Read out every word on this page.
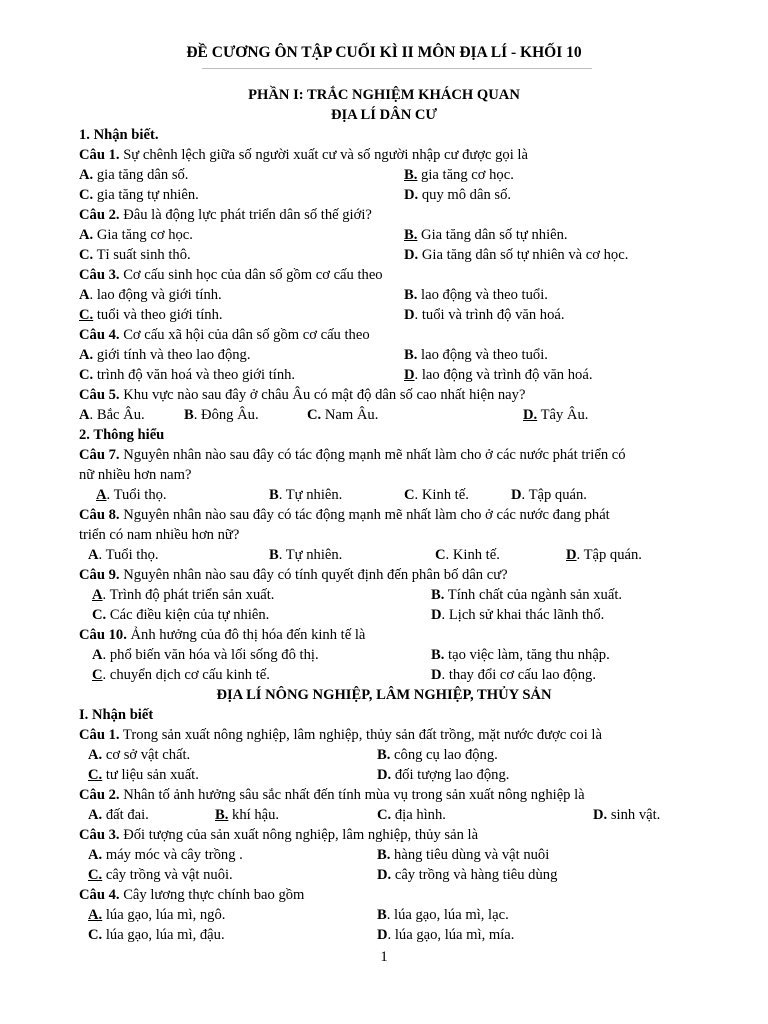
ĐỀ CƯƠNG ÔN TẬP CUỐI KÌ II MÔN ĐỊA LÍ - KHỐI 10
PHẦN I: TRẮC NGHIỆM KHÁCH QUAN
ĐỊA LÍ DÂN CƯ
1. Nhận biết.
Câu 1. Sự chênh lệch giữa số người xuất cư và số người nhập cư được gọi là
A. gia tăng dân số.	B. gia tăng cơ học.
C. gia tăng tự nhiên.	D. quy mô dân số.
Câu 2. Đâu là động lực phát triển dân số thế giới?
A. Gia tăng cơ học.	B. Gia tăng dân số tự nhiên.
C. Tỉ suất sinh thô.	D. Gia tăng dân số tự nhiên và cơ học.
Câu 3. Cơ cấu sinh học của dân số gồm cơ cấu theo
A. lao động và giới tính.	B. lao động và theo tuổi.
C. tuổi và theo giới tính.	D. tuổi và trình độ văn hoá.
Câu 4. Cơ cấu xã hội của dân số gồm cơ cấu theo
A. giới tính và theo lao động.	B. lao động và theo tuổi.
C. trình độ văn hoá và theo giới tính.	D. lao động và trình độ văn hoá.
Câu 5. Khu vực nào sau đây ở châu Âu có mật độ dân số cao nhất hiện nay?
A. Bắc Âu.	B. Đông Âu.	C. Nam Âu.	D. Tây Âu.
2. Thông hiểu
Câu 7. Nguyên nhân nào sau đây có tác động mạnh mẽ nhất làm cho ở các nước phát triển có
nữ nhiều hơn nam?
A. Tuổi thọ.	B. Tự nhiên.	C. Kinh tế.	D. Tập quán.
Câu 8. Nguyên nhân nào sau đây có tác động mạnh mẽ nhất làm cho ở các nước đang phát
triển có nam nhiều hơn nữ?
A. Tuổi thọ.	B. Tự nhiên.	C. Kinh tế.	D. Tập quán.
Câu 9. Nguyên nhân nào sau đây có tính quyết định đến phân bố dân cư?
A. Trình độ phát triển sản xuất.	B. Tính chất của ngành sản xuất.
C. Các điều kiện của tự nhiên.	D. Lịch sử khai thác lãnh thổ.
Câu 10. Ảnh hưởng của đô thị hóa đến kinh tế là
A. phổ biến văn hóa và lối sống đô thị.	B. tạo việc làm, tăng thu nhập.
C. chuyển dịch cơ cấu kinh tế.	D. thay đổi cơ cấu lao động.
ĐỊA LÍ NÔNG NGHIỆP, LÂM NGHIỆP, THỦY SẢN
I. Nhận biết
Câu 1. Trong sản xuất nông nghiệp, lâm nghiệp, thủy sản đất trồng, mặt nước được coi là
A. cơ sở vật chất.	B. công cụ lao động.
C. tư liệu sản xuất.	D. đối tượng lao động.
Câu 2. Nhân tố ảnh hưởng sâu sắc nhất đến tính mùa vụ trong sản xuất nông nghiệp là
A. đất đai.	B. khí hậu.	C. địa hình.	D. sinh vật.
Câu 3. Đối tượng của sản xuất nông nghiệp, lâm nghiệp, thủy sản là
A. máy móc và cây trồng .	B. hàng tiêu dùng và vật nuôi
C. cây trồng và vật nuôi.	D. cây trồng và hàng tiêu dùng
Câu 4. Cây lương thực chính bao gồm
A. lúa gạo, lúa mì, ngô.	B. lúa gạo, lúa mì, lạc.
C. lúa gạo, lúa mì, đậu.	D. lúa gạo, lúa mì, mía.
1
